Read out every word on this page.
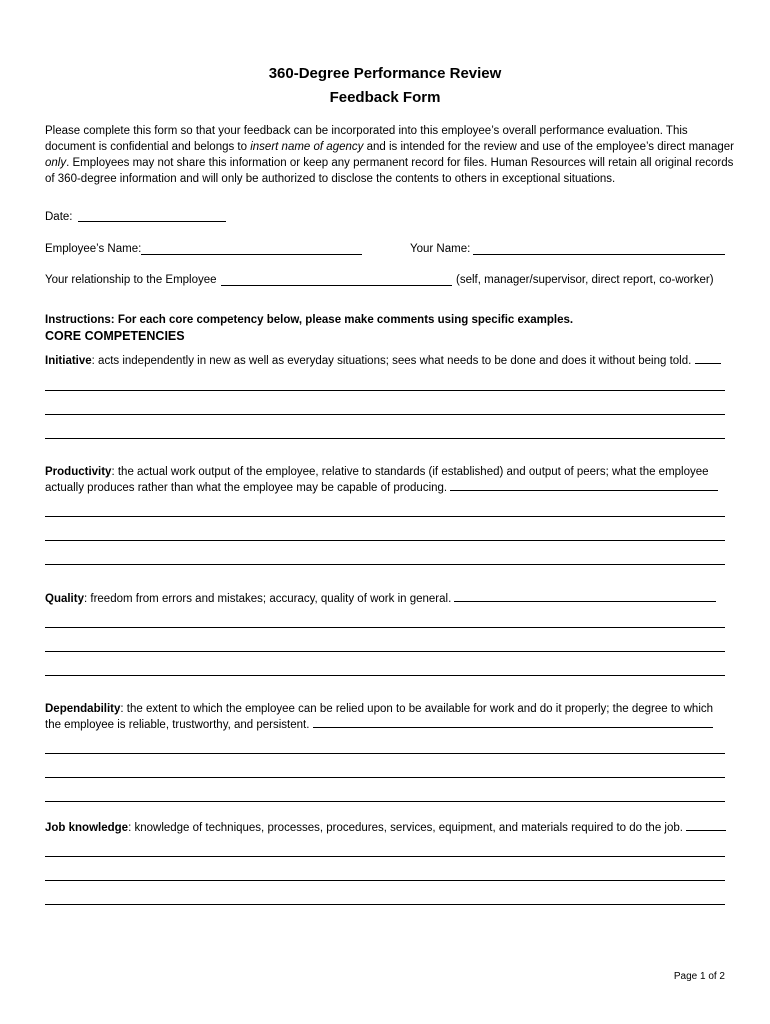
360-Degree Performance Review
Feedback Form
Please complete this form so that your feedback can be incorporated into this employee’s overall performance evaluation. This document is confidential and belongs to insert name of agency and is intended for the review and use of the employee’s direct manager only. Employees may not share this information or keep any permanent record for files. Human Resources will retain all original records of 360-degree information and will only be authorized to disclose the contents to others in exceptional situations.
Date:
Employee’s Name:	Your Name:
Your relationship to the Employee	(self, manager/supervisor, direct report, co-worker)
Instructions: For each core competency below, please make comments using specific examples.
CORE COMPETENCIES
Initiative: acts independently in new as well as everyday situations; sees what needs to be done and does it without being told.
Productivity: the actual work output of the employee, relative to standards (if established) and output of peers; what the employee actually produces rather than what the employee may be capable of producing.
Quality: freedom from errors and mistakes; accuracy, quality of work in general.
Dependability: the extent to which the employee can be relied upon to be available for work and do it properly; the degree to which the employee is reliable, trustworthy, and persistent.
Job knowledge: knowledge of techniques, processes, procedures, services, equipment, and materials required to do the job.
Page 1 of 2
